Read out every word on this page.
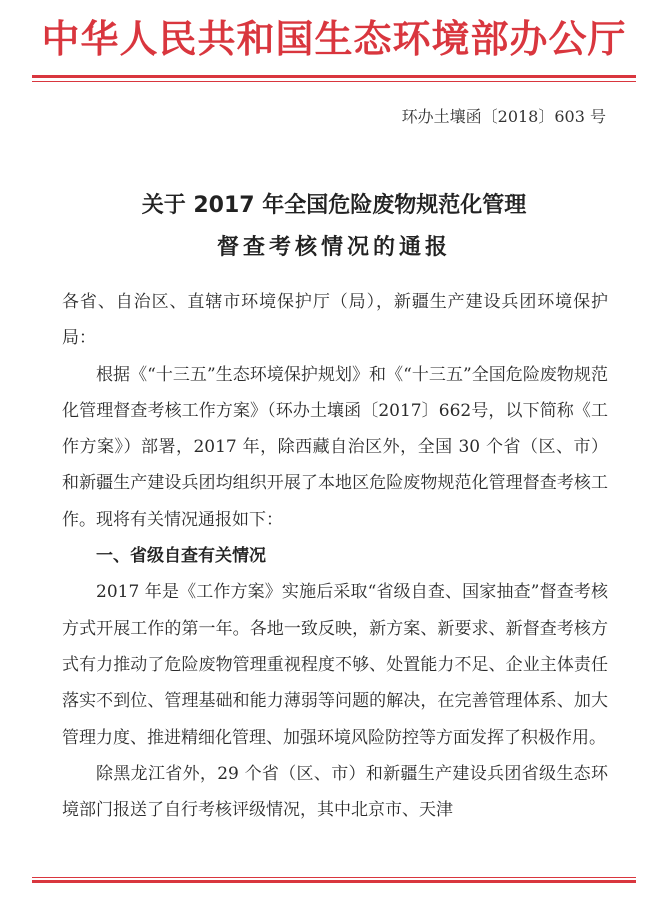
中华人民共和国生态环境部办公厅
环办土壤函〔2018〕603 号
关于 2017 年全国危险废物规范化管理
督查考核情况的通报

各省、自治区、直辖市环境保护厅（局），新疆生产建设兵团环境保护局：

根据《“十三五”生态环境保护规划》和《“十三五”全国危险废物规范化管理督查考核工作方案》（环办土壤函〔2017〕662号，以下简称《工作方案》）部署，2017 年，除西藏自治区外，全国 30 个省（区、市）和新疆生产建设兵团均组织开展了本地区危险废物规范化管理督查考核工作。现将有关情况通报如下：

一、省级自查有关情况

2017 年是《工作方案》实施后采取“省级自查、国家抽查”督查考核方式开展工作的第一年。各地一致反映，新方案、新要求、新督查考核方式有力推动了危险废物管理重视程度不够、处置能力不足、企业主体责任落实不到位、管理基础和能力薄弱等问题的解决，在完善管理体系、加大管理力度、推进精细化管理、加强环境风险防控等方面发挥了积极作用。

除黑龙江省外，29 个省（区、市）和新疆生产建设兵团省级生态环境部门报送了自行考核评级情况，其中北京市、天津
